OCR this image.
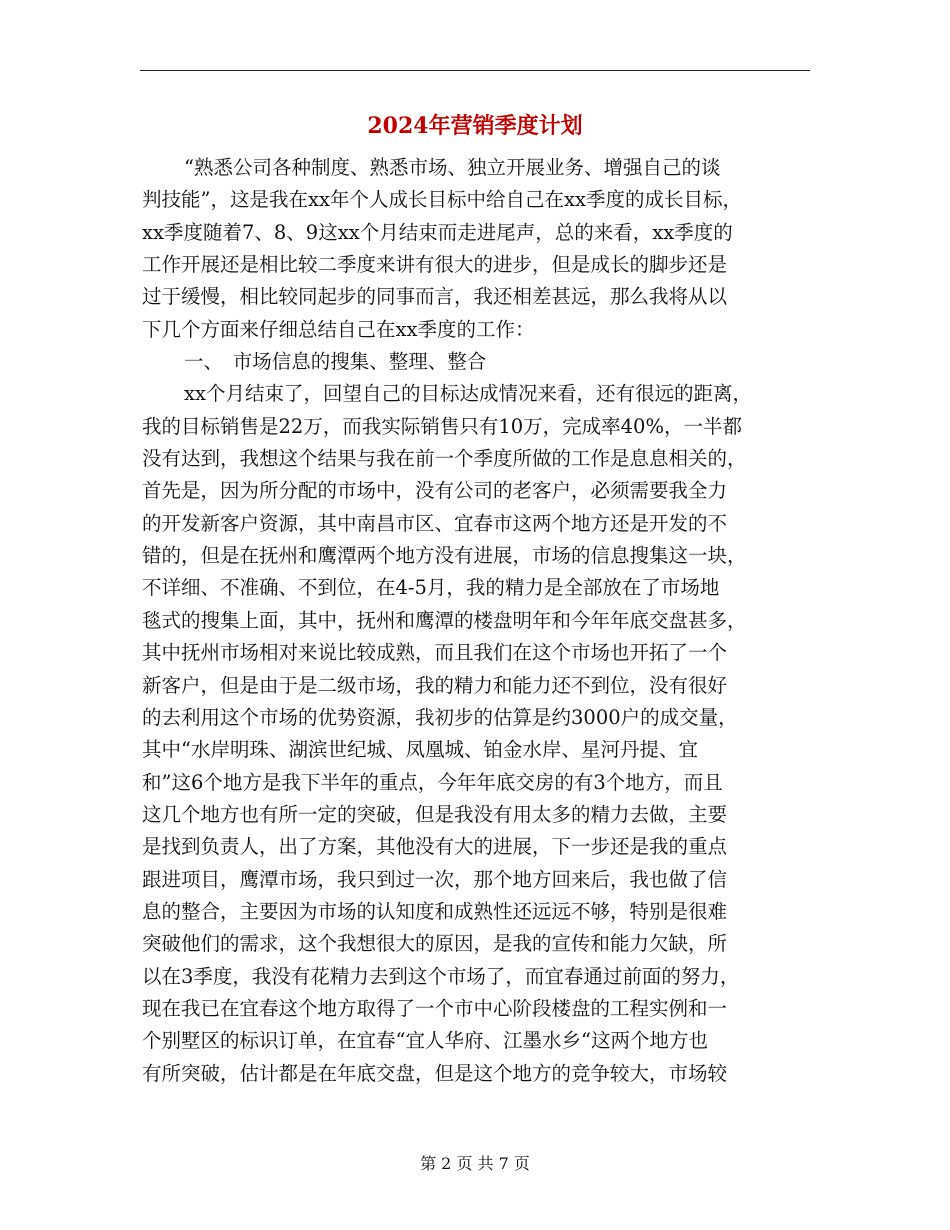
2024年营销季度计划
“熟悉公司各种制度、熟悉市场、独立开展业务、增强自己的谈
判技能”，这是我在xx年个人成长目标中给自己在xx季度的成长目标，
xx季度随着7、8、9这xx个月结束而走进尾声，总的来看，xx季度的
工作开展还是相比较二季度来讲有很大的进步，但是成长的脚步还是
过于缓慢，相比较同起步的同事而言，我还相差甚远，那么我将从以
下几个方面来仔细总结自己在xx季度的工作：
一、　市场信息的搜集、整理、整合
xx个月结束了，回望自己的目标达成情况来看，还有很远的距离，
我的目标销售是22万，而我实际销售只有10万，完成率40%，一半都
没有达到，我想这个结果与我在前一个季度所做的工作是息息相关的，
首先是，因为所分配的市场中，没有公司的老客户，必须需要我全力
的开发新客户资源，其中南昌市区、宜春市这两个地方还是开发的不
错的，但是在抚州和鹰潭两个地方没有进展，市场的信息搜集这一块，
不详细、不准确、不到位，在4-5月，我的精力是全部放在了市场地
毯式的搜集上面，其中，抚州和鹰潭的楼盘明年和今年年底交盘甚多，
其中抚州市场相对来说比较成熟，而且我们在这个市场也开拓了一个
新客户，但是由于是二级市场，我的精力和能力还不到位，没有很好
的去利用这个市场的优势资源，我初步的估算是约3000户的成交量，
其中“水岸明珠、湖滨世纪城、凤凰城、铂金水岸、星河丹提、宜
和”这6个地方是我下半年的重点，今年年底交房的有3个地方，而且
这几个地方也有所一定的突破，但是我没有用太多的精力去做，主要
是找到负责人，出了方案，其他没有大的进展，下一步还是我的重点
跟进项目，鹰潭市场，我只到过一次，那个地方回来后，我也做了信
息的整合，主要因为市场的认知度和成熟性还远远不够，特别是很难
突破他们的需求，这个我想很大的原因，是我的宣传和能力欠缺，所
以在3季度，我没有花精力去到这个市场了，而宜春通过前面的努力，
现在我已在宜春这个地方取得了一个市中心阶段楼盘的工程实例和一
个别墅区的标识订单，在宜春“宜人华府、江墨水乡“这两个地方也
有所突破，估计都是在年底交盘，但是这个地方的竞争较大，市场较
第 2 页 共 7 页
